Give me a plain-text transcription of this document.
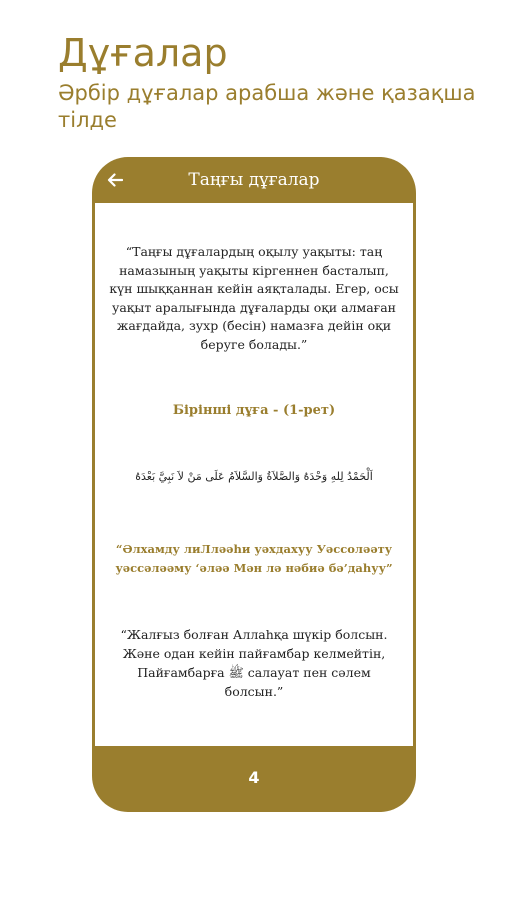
Дұғалар

Әрбір дұғалар арабша және қазақша тілде

Таңғы дұғалар

“Таңғы дұғалардың оқылу уақыты: таң намазының уақыты кіргеннен басталып, күн шыққаннан кейін аяқталады. Егер, осы уақыт аралығында дұғаларды оқи алмаған жағдайда, зухр (бесін) намазға дейін оқи беруге болады.”

Бірінші дұға - (1-рет)

اَلْحَمْدُ لِلهِ وَحْدَهُ وَالصَّلاَةُ وَالسَّلاَمُ عَلَى مَنْ لاَ نَبِيَّ بَعْدَهُ

“Әлхамду лиЛләәһи уәхдахуу Уәссоләәту уәссәләәму ‘әләә Мән лә нәбиә бә’даһуу”

“Жалғыз болған Аллаһқа шүкір болсын. Және одан кейін пайғамбар келмейтін, Пайғамбарға ﷺ салауат пен сәлем болсын.”

4
